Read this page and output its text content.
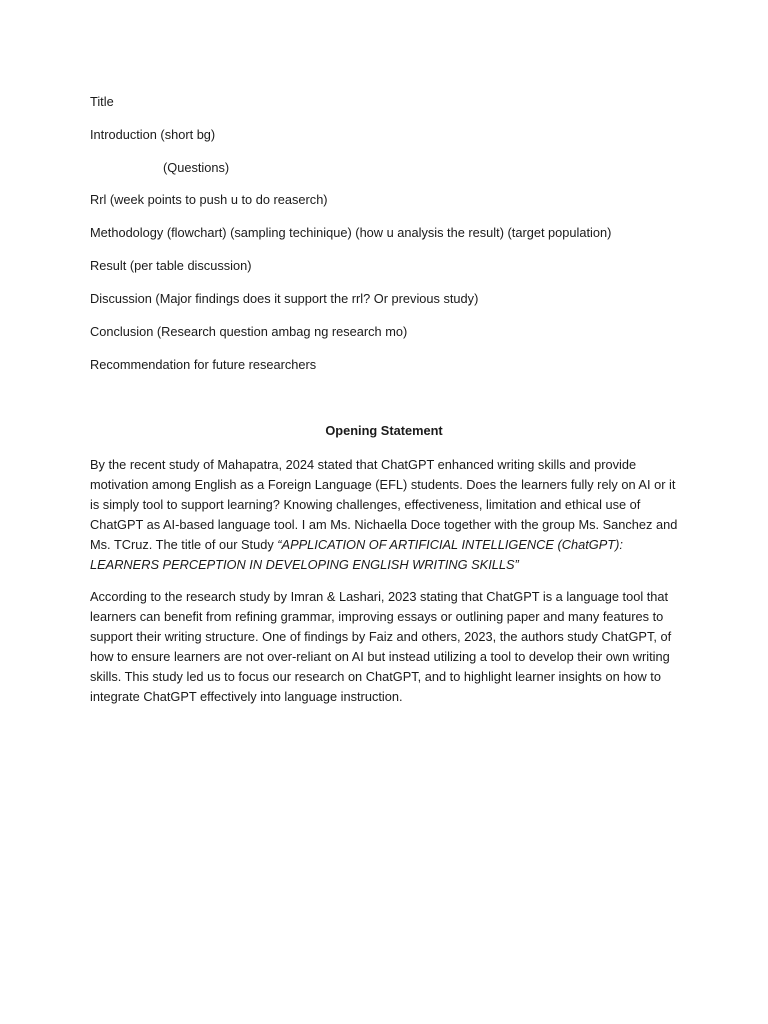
Title
Introduction (short bg)
(Questions)
Rrl (week points to push u to do reaserch)
Methodology (flowchart) (sampling techinique) (how u analysis the result) (target population)
Result (per table discussion)
Discussion (Major findings does it support the rrl? Or previous study)
Conclusion (Research question ambag ng research mo)
Recommendation for future researchers
Opening Statement

By the recent study of Mahapatra, 2024 stated that ChatGPT enhanced writing skills and provide motivation among English as a Foreign Language (EFL) students. Does the learners fully rely on AI or it is simply tool to support learning? Knowing challenges, effectiveness, limitation and ethical use of ChatGPT as AI-based language tool. I am Ms. Nichaella Doce together with the group Ms. Sanchez and Ms. TCruz. The title of our Study “APPLICATION OF ARTIFICIAL INTELLIGENCE (ChatGPT): LEARNERS PERCEPTION IN DEVELOPING ENGLISH WRITING SKILLS”

According to the research study by Imran & Lashari, 2023 stating that ChatGPT is a language tool that learners can benefit from refining grammar, improving essays or outlining paper and many features to support their writing structure. One of findings by Faiz and others, 2023, the authors study ChatGPT, of how to ensure learners are not over-reliant on AI but instead utilizing a tool to develop their own writing skills. This study led us to focus our research on ChatGPT, and to highlight learner insights on how to integrate ChatGPT effectively into language instruction.
